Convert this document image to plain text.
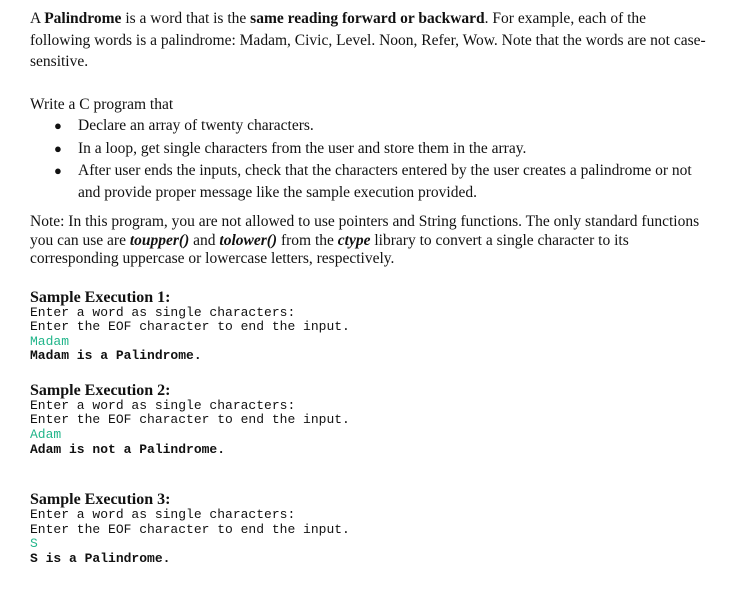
A Palindrome is a word that is the same reading forward or backward. For example, each of the following words is a palindrome: Madam, Civic, Level. Noon, Refer, Wow. Note that the words are not case-sensitive.

Write a C program that

● Declare an array of twenty characters.
● In a loop, get single characters from the user and store them in the array.
● After user ends the inputs, check that the characters entered by the user creates a palindrome or not and provide proper message like the sample execution provided.

Note: In this program, you are not allowed to use pointers and String functions. The only standard functions you can use are toupper() and tolower() from the ctype library to convert a single character to its corresponding uppercase or lowercase letters, respectively.

Sample Execution 1:

Enter a word as single characters:

Enter the EOF character to end the input.

Madam

Madam is a Palindrome.

Sample Execution 2:

Enter a word as single characters:

Enter the EOF character to end the input.

Adam

Adam is not a Palindrome.

Sample Execution 3:

Enter a word as single characters:

Enter the EOF character to end the input.

S

S is a Palindrome.
